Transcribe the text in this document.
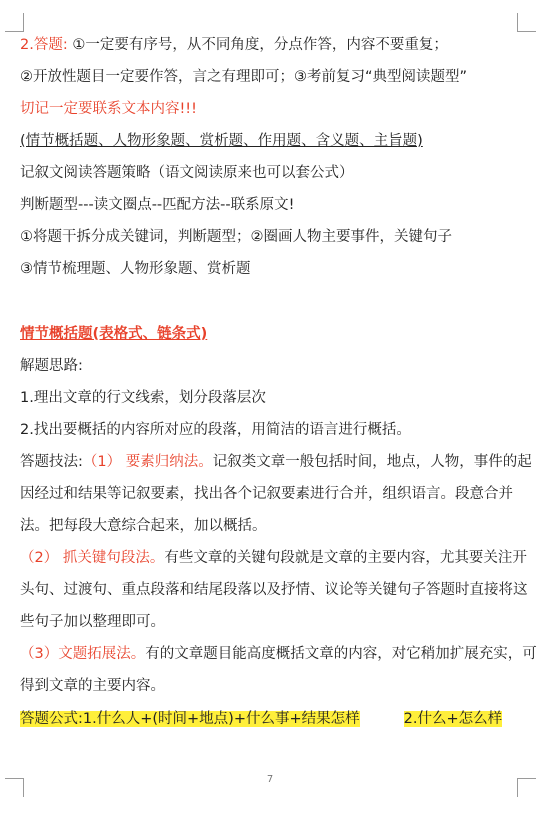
2.答题: ①一定要有序号，从不同角度，分点作答，内容不要重复；
②开放性题目一定要作答，言之有理即可；③考前复习“典型阅读题型”
切记一定要联系文本内容!!!
(情节概括题、人物形象题、赏析题、作用题、含义题、主旨题)
记叙文阅读答题策略（语文阅读原来也可以套公式）
判断题型---读文圈点--匹配方法--联系原文!
①将题干拆分成关键词，判断题型；②圈画人物主要事件，关键句子
③情节梳理题、人物形象题、赏析题
情节概括题(表格式、链条式)
解题思路:
1.理出文章的行文线索，划分段落层次
2.找出要概括的内容所对应的段落，用简洁的语言进行概括。
答题技法:（1） 要素归纳法。记叙类文章一般包括时间，地点，人物，事件的起
因经过和结果等记叙要素，找出各个记叙要素进行合并，组织语言。段意合并
法。把每段大意综合起来，加以概括。
（2） 抓关键句段法。有些文章的关键句段就是文章的主要内容，尤其要关注开
头句、过渡句、重点段落和结尾段落以及抒情、议论等关键句子答题时直接将这
些句子加以整理即可。
（3）文题拓展法。有的文章题目能高度概括文章的内容，对它稍加扩展充实，可
得到文章的主要内容。
答题公式:1.什么人+(时间+地点)+什么事+结果怎样	2.什么+怎么样
7
